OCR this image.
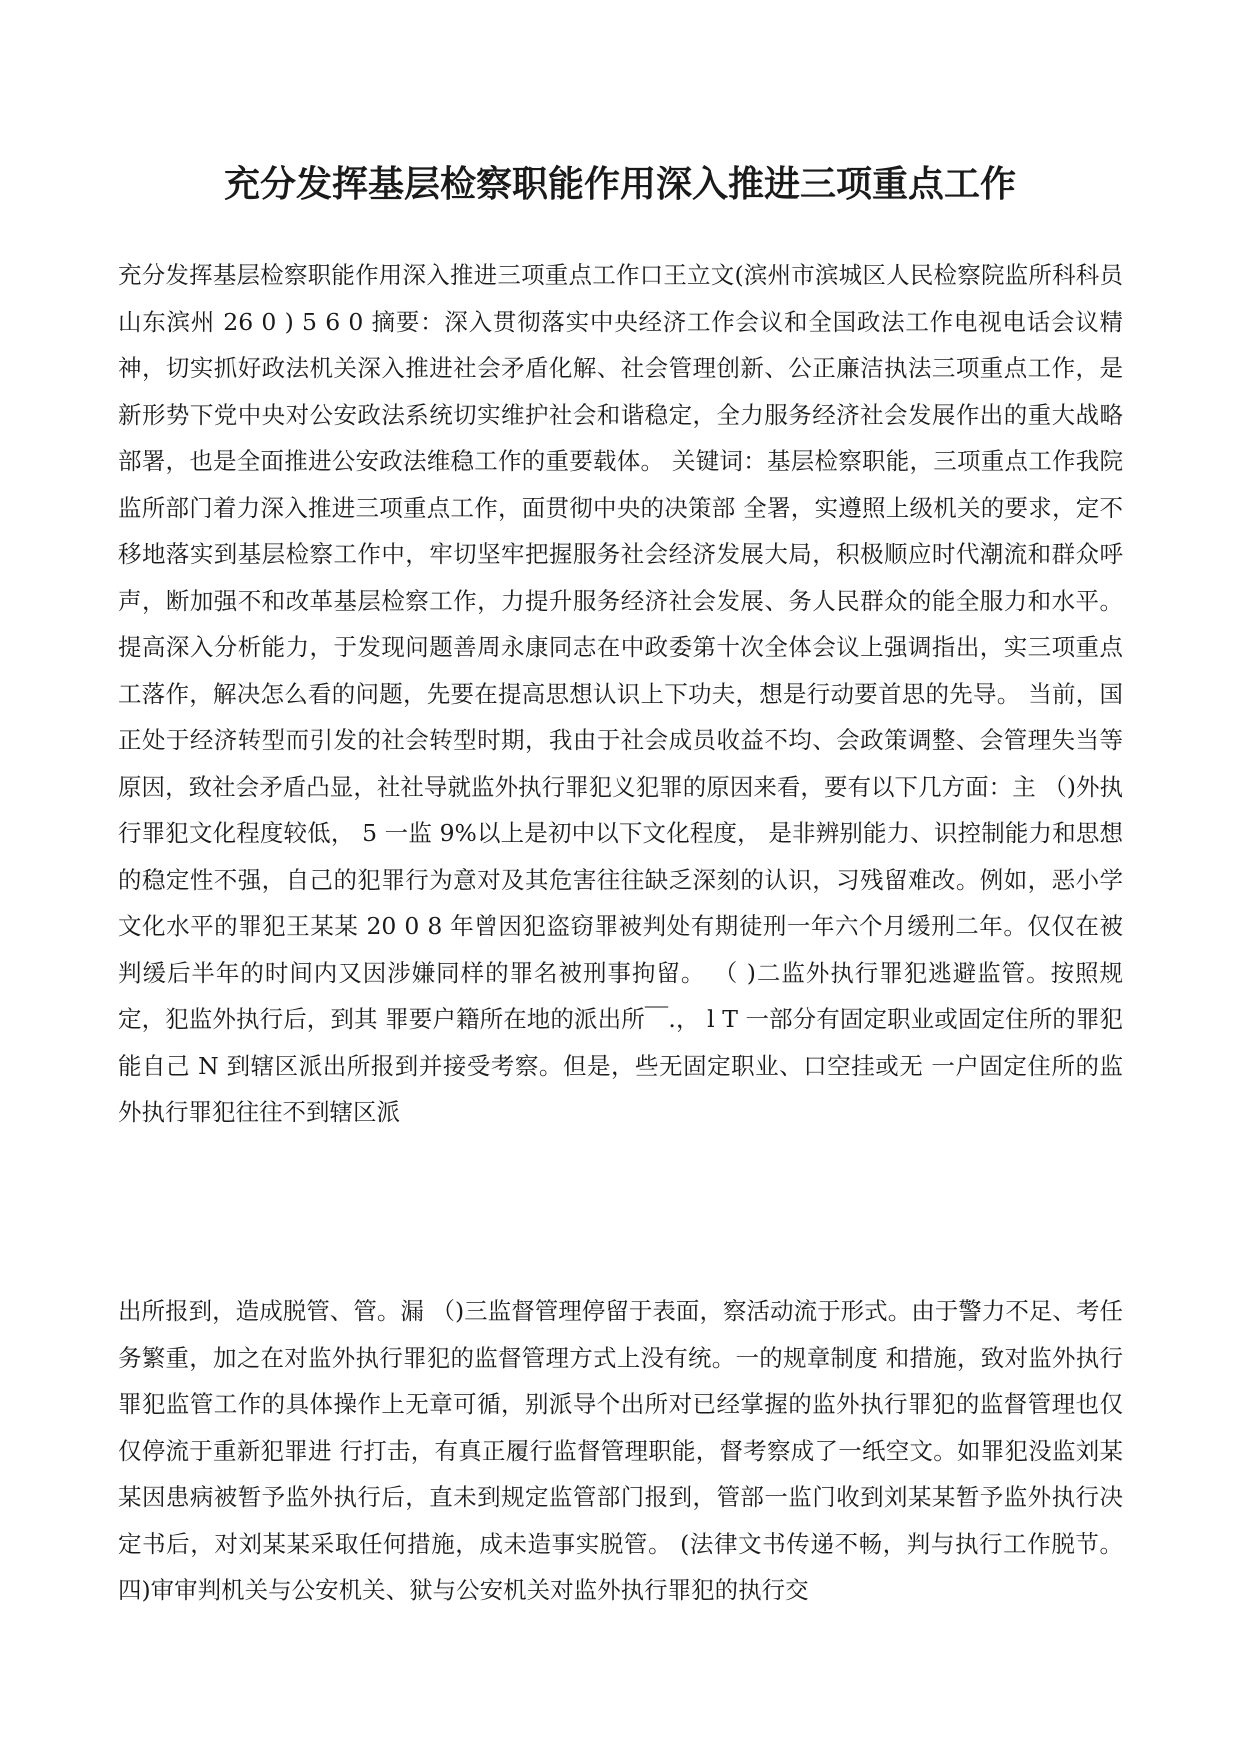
充分发挥基层检察职能作用深入推进三项重点工作

充分发挥基层检察职能作用深入推进三项重点工作口王立文(滨州市滨城区人民检察院监所科科员山东滨州 26 0 ) 5 6 0 摘要：深入贯彻落实中央经济工作会议和全国政法工作电视电话会议精神，切实抓好政法机关深入推进社会矛盾化解、社会管理创新、公正廉洁执法三项重点工作，是新形势下党中央对公安政法系统切实维护社会和谐稳定，全力服务经济社会发展作出的重大战略部署，也是全面推进公安政法维稳工作的重要载体。 关键词：基层检察职能，三项重点工作我院监所部门着力深入推进三项重点工作，面贯彻中央的决策部 全署，实遵照上级机关的要求，定不移地落实到基层检察工作中，牢切坚牢把握服务社会经济发展大局，积极顺应时代潮流和群众呼声，断加强不和改革基层检察工作，力提升服务经济社会发展、务人民群众的能全服力和水平。 提高深入分析能力，于发现问题善周永康同志在中政委第十次全体会议上强调指出，实三项重点工落作，解决怎么看的问题，先要在提高思想认识上下功夫，想是行动要首思的先导。 当前，国正处于经济转型而引发的社会转型时期，我由于社会成员收益不均、会政策调整、会管理失当等原因，致社会矛盾凸显，社社导就监外执行罪犯义犯罪的原因来看，要有以下几方面：主 （)外执行罪犯文化程度较低， 5 一监 9%以上是初中以下文化程度， 是非辨别能力、识控制能力和思想的稳定性不强，自己的犯罪行为意对及其危害往往缺乏深刻的认识，习残留难改。例如，恶小学文化水平的罪犯王某某 20 0 8 年曾因犯盗窃罪被判处有期徒刑一年六个月缓刑二年。仅仅在被判缓后半年的时间内又因涉嫌同样的罪名被刑事拘留。 （ )二监外执行罪犯逃避监管。按照规定，犯监外执行后，到其 罪要户籍所在地的派出所￣.， l T 一部分有固定职业或固定住所的罪犯能自己 N 到辖区派出所报到并接受考察。但是，些无固定职业、口空挂或无 一户固定住所的监外执行罪犯往往不到辖区派

出所报到，造成脱管、管。漏 （)三监督管理停留于表面，察活动流于形式。由于警力不足、考任务繁重，加之在对监外执行罪犯的监督管理方式上没有统。一的规章制度 和措施，致对监外执行罪犯监管工作的具体操作上无章可循，别派导个出所对已经掌握的监外执行罪犯的监督管理也仅仅停流于重新犯罪进 行打击，有真正履行监督管理职能，督考察成了一纸空文。如罪犯没监刘某某因患病被暂予监外执行后，直未到规定监管部门报到，管部一监门收到刘某某暂予监外执行决定书后，对刘某某采取任何措施，成未造事实脱管。 (法律文书传递不畅，判与执行工作脱节。四)审审判机关与公安机关、狱与公安机关对监外执行罪犯的执行交
